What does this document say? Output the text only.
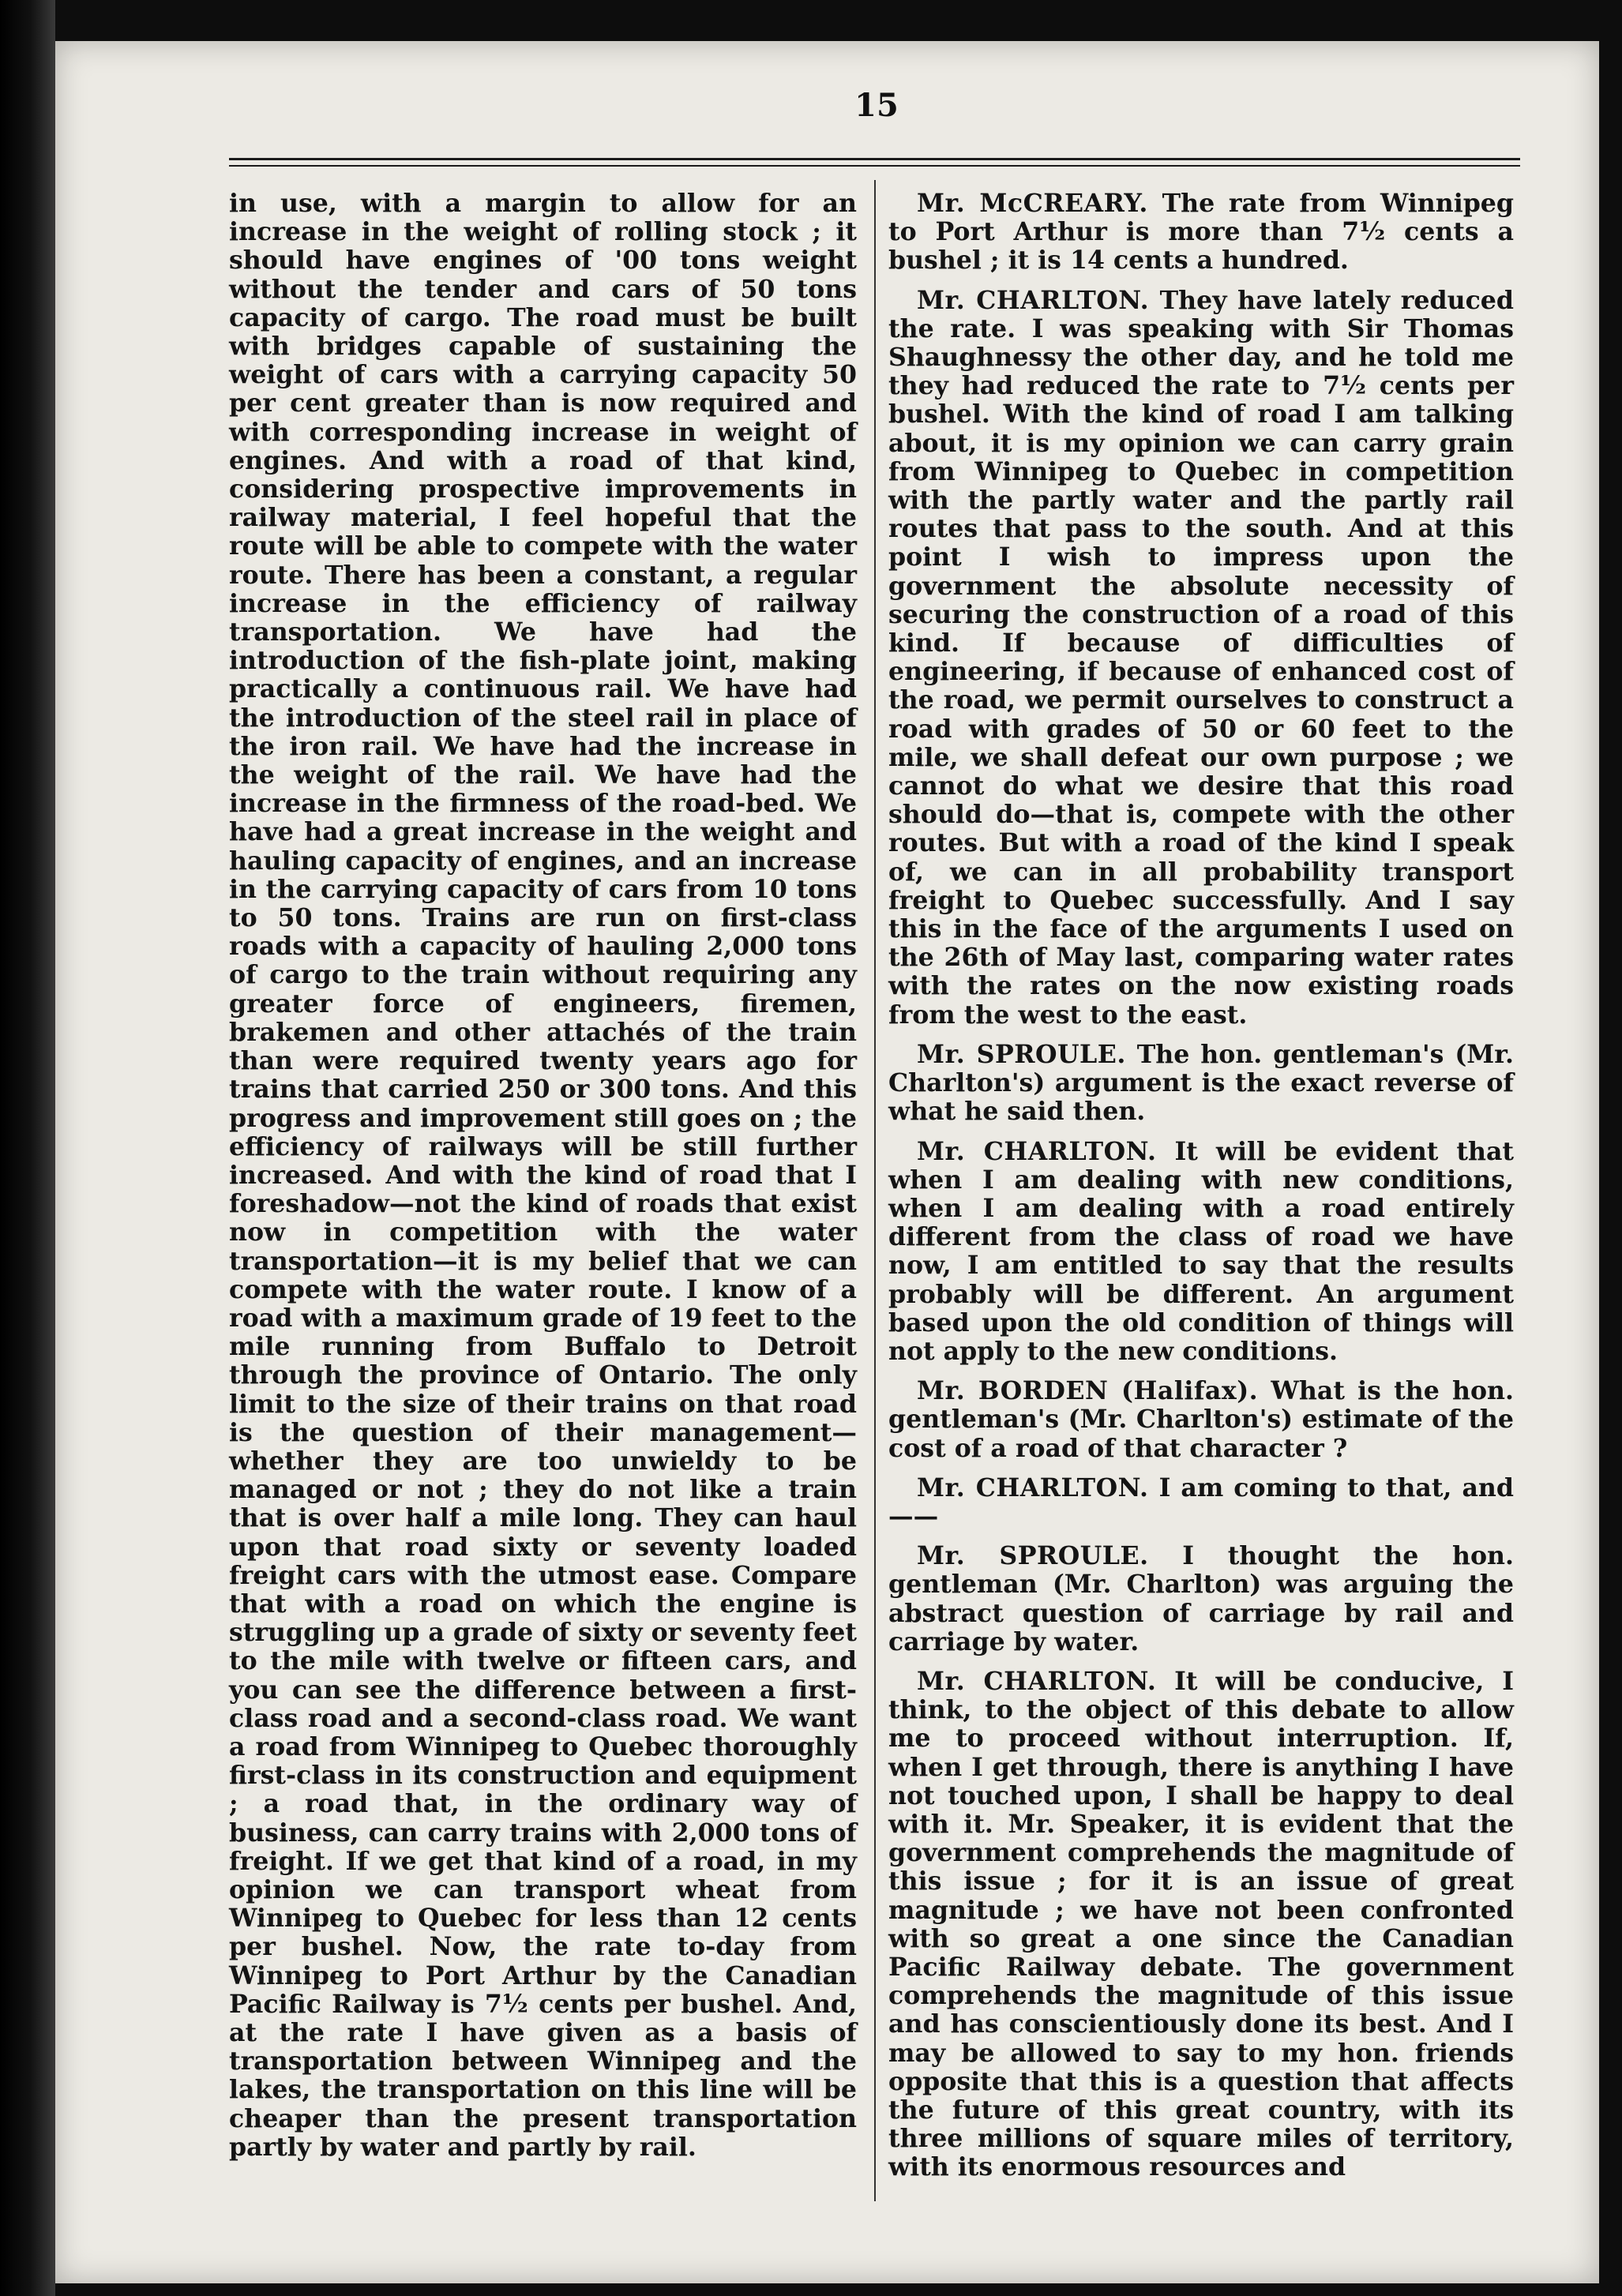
15

in use, with a margin to allow for an increase in the weight of rolling stock ; it should have engines of '00 tons weight without the tender and cars of 50 tons capacity of cargo. The road must be built with bridges capable of sustaining the weight of cars with a carrying capacity 50 per cent greater than is now required and with corresponding increase in weight of engines. And with a road of that kind, considering prospective improvements in railway material, I feel hopeful that the route will be able to compete with the water route. There has been a constant, a regular increase in the efficiency of railway transportation. We have had the introduction of the fish-plate joint, making practically a continuous rail. We have had the introduction of the steel rail in place of the iron rail. We have had the increase in the weight of the rail. We have had the increase in the firmness of the road-bed. We have had a great increase in the weight and hauling capacity of engines, and an increase in the carrying capacity of cars from 10 tons to 50 tons. Trains are run on first-class roads with a capacity of hauling 2,000 tons of cargo to the train without requiring any greater force of engineers, firemen, brakemen and other attachés of the train than were required twenty years ago for trains that carried 250 or 300 tons. And this progress and improvement still goes on ; the efficiency of railways will be still further increased. And with the kind of road that I foreshadow—not the kind of roads that exist now in competition with the water transportation—it is my belief that we can compete with the water route. I know of a road with a maximum grade of 19 feet to the mile running from Buffalo to Detroit through the province of Ontario. The only limit to the size of their trains on that road is the question of their management—whether they are too unwieldy to be managed or not ; they do not like a train that is over half a mile long. They can haul upon that road sixty or seventy loaded freight cars with the utmost ease. Compare that with a road on which the engine is struggling up a grade of sixty or seventy feet to the mile with twelve or fifteen cars, and you can see the difference between a first-class road and a second-class road. We want a road from Winnipeg to Quebec thoroughly first-class in its construction and equipment ; a road that, in the ordinary way of business, can carry trains with 2,000 tons of freight. If we get that kind of a road, in my opinion we can transport wheat from Winnipeg to Quebec for less than 12 cents per bushel. Now, the rate to-day from Winnipeg to Port Arthur by the Canadian Pacific Railway is 7½ cents per bushel. And, at the rate I have given as a basis of transportation between Winnipeg and the lakes, the transportation on this line will be cheaper than the present transportation partly by water and partly by rail.

Mr. McCREARY. The rate from Winnipeg to Port Arthur is more than 7½ cents a bushel ; it is 14 cents a hundred.

Mr. CHARLTON. They have lately reduced the rate. I was speaking with Sir Thomas Shaughnessy the other day, and he told me they had reduced the rate to 7½ cents per bushel. With the kind of road I am talking about, it is my opinion we can carry grain from Winnipeg to Quebec in competition with the partly water and the partly rail routes that pass to the south. And at this point I wish to impress upon the government the absolute necessity of securing the construction of a road of this kind. If because of difficulties of engineering, if because of enhanced cost of the road, we permit ourselves to construct a road with grades of 50 or 60 feet to the mile, we shall defeat our own purpose ; we cannot do what we desire that this road should do—that is, compete with the other routes. But with a road of the kind I speak of, we can in all probability transport freight to Quebec successfully. And I say this in the face of the arguments I used on the 26th of May last, comparing water rates with the rates on the now existing roads from the west to the east.

Mr. SPROULE. The hon. gentleman's (Mr. Charlton's) argument is the exact reverse of what he said then.

Mr. CHARLTON. It will be evident that when I am dealing with new conditions, when I am dealing with a road entirely different from the class of road we have now, I am entitled to say that the results probably will be different. An argument based upon the old condition of things will not apply to the new conditions.

Mr. BORDEN (Halifax). What is the hon. gentleman's (Mr. Charlton's) estimate of the cost of a road of that character ?

Mr. CHARLTON. I am coming to that, and——

Mr. SPROULE. I thought the hon. gentleman (Mr. Charlton) was arguing the abstract question of carriage by rail and carriage by water.

Mr. CHARLTON. It will be conducive, I think, to the object of this debate to allow me to proceed without interruption. If, when I get through, there is anything I have not touched upon, I shall be happy to deal with it. Mr. Speaker, it is evident that the government comprehends the magnitude of this issue ; for it is an issue of great magnitude ; we have not been confronted with so great a one since the Canadian Pacific Railway debate. The government comprehends the magnitude of this issue and has conscientiously done its best. And I may be allowed to say to my hon. friends opposite that this is a question that affects the future of this great country, with its three millions of square miles of territory, with its enormous resources and
